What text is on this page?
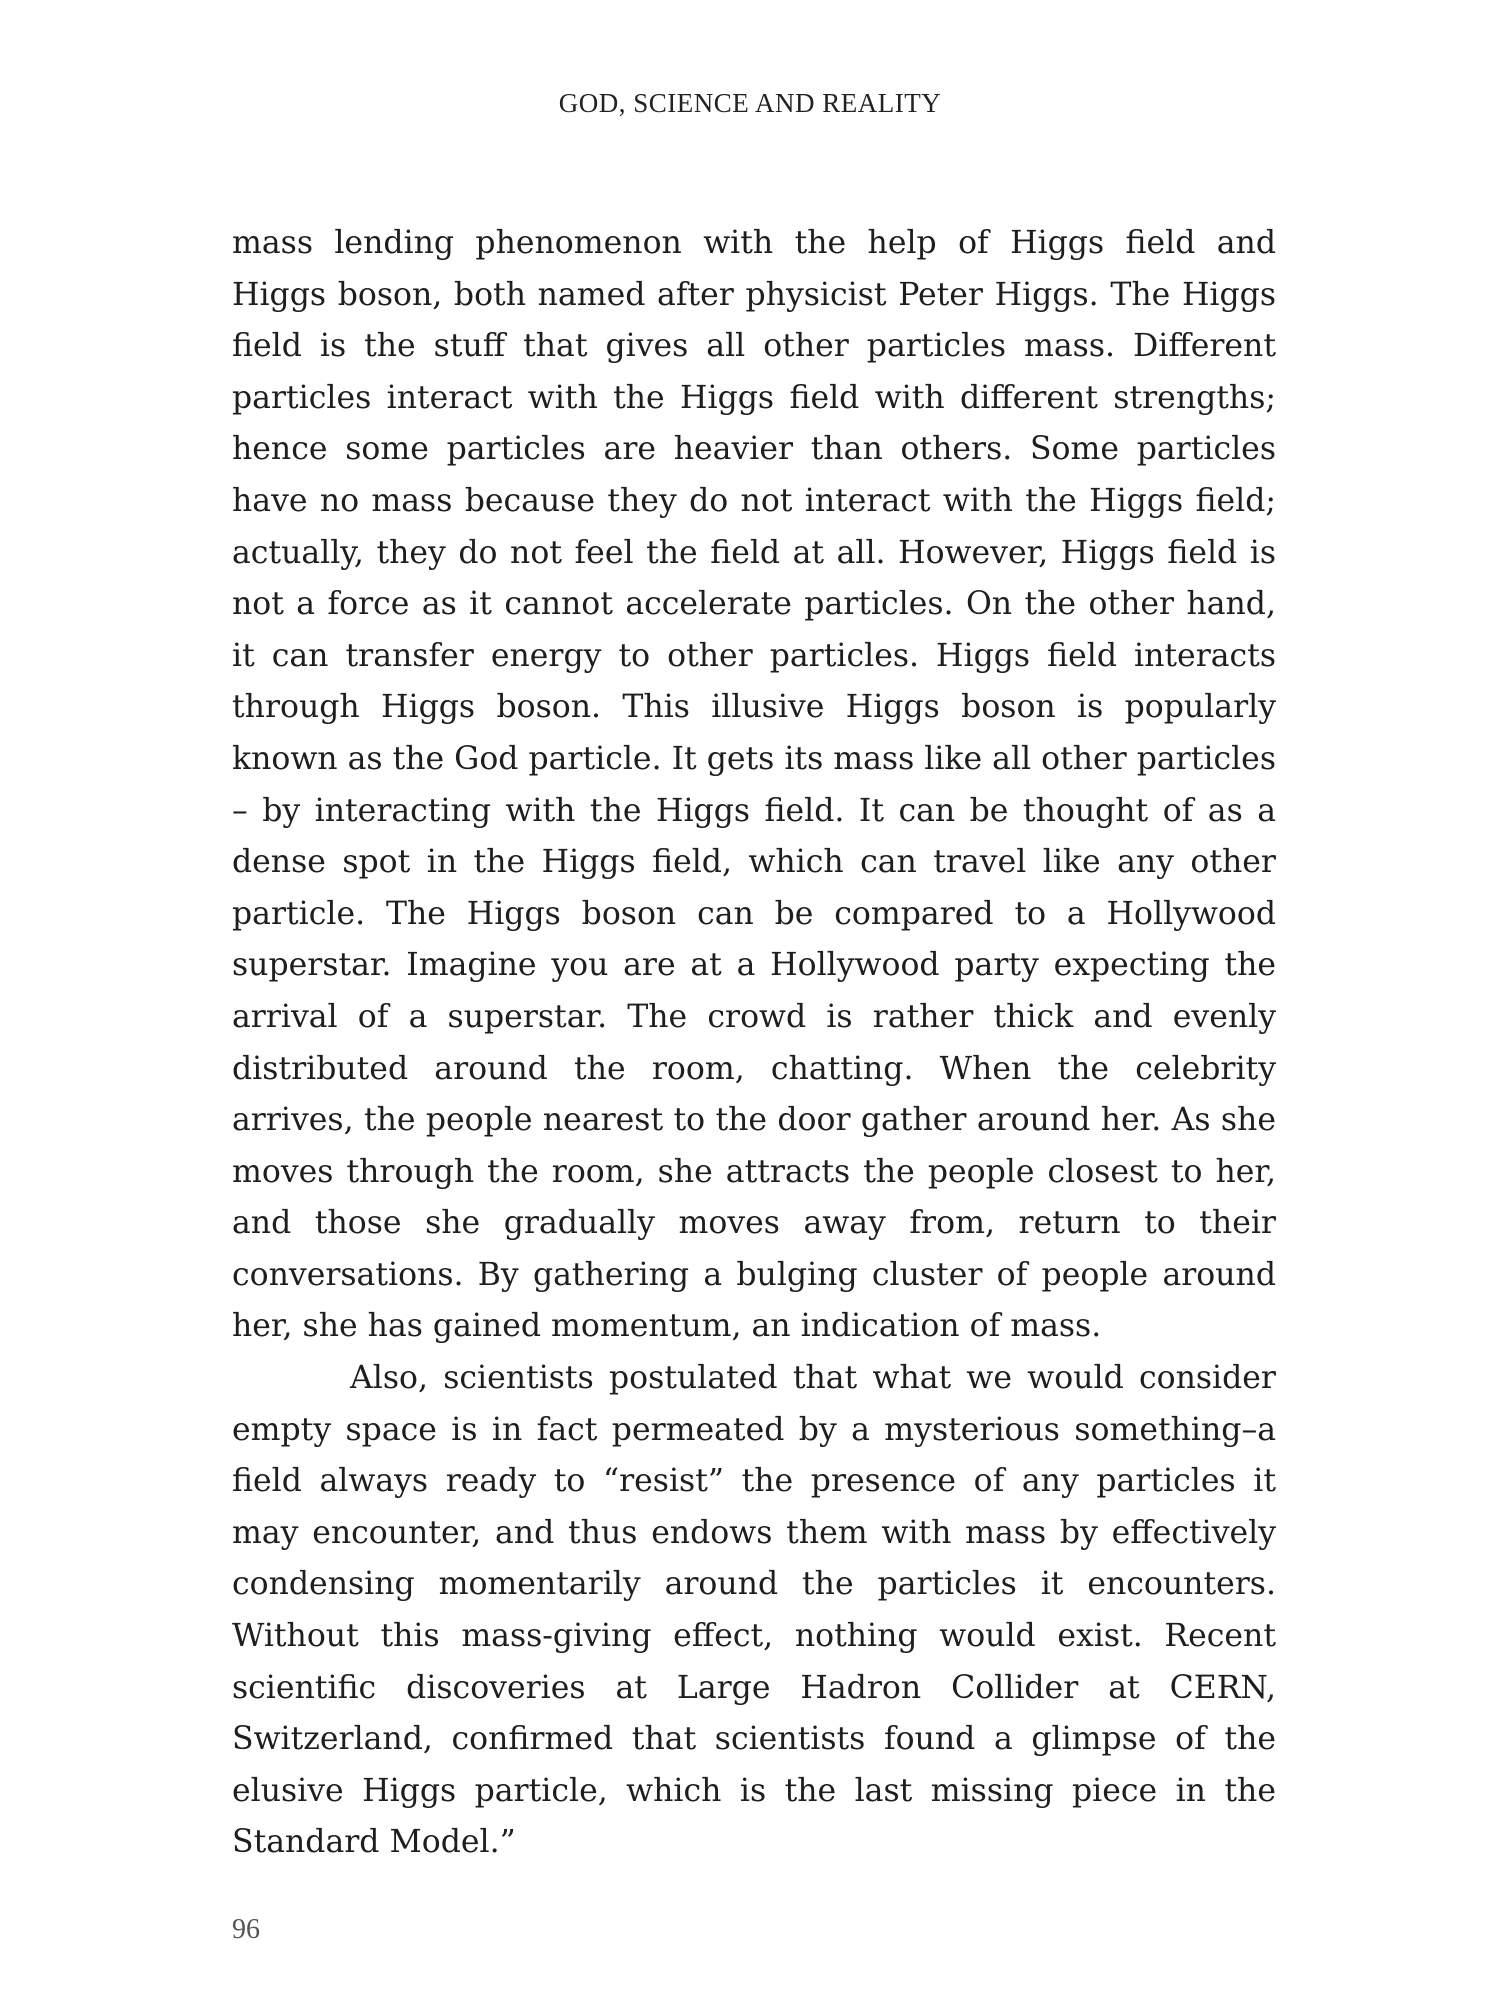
GOD, SCIENCE AND REALITY

mass lending phenomenon with the help of Higgs field and Higgs boson, both named after physicist Peter Higgs. The Higgs field is the stuff that gives all other particles mass. Different particles interact with the Higgs field with different strengths; hence some particles are heavier than others. Some particles have no mass because they do not interact with the Higgs field; actually, they do not feel the field at all. However, Higgs field is not a force as it cannot accelerate particles. On the other hand, it can transfer energy to other particles. Higgs field interacts through Higgs boson. This illusive Higgs boson is popularly known as the God particle. It gets its mass like all other particles – by interacting with the Higgs field. It can be thought of as a dense spot in the Higgs field, which can travel like any other particle. The Higgs boson can be compared to a Hollywood superstar. Imagine you are at a Hollywood party expecting the arrival of a superstar. The crowd is rather thick and evenly distributed around the room, chatting. When the celebrity arrives, the people nearest to the door gather around her. As she moves through the room, she attracts the people closest to her, and those she gradually moves away from, return to their conversations. By gathering a bulging cluster of people around her, she has gained momentum, an indication of mass.

Also, scientists postulated that what we would consider empty space is in fact permeated by a mysterious something–a field always ready to “resist” the presence of any particles it may encounter, and thus endows them with mass by effectively condensing momentarily around the particles it encounters. Without this mass-giving effect, nothing would exist. Recent scientific discoveries at Large Hadron Collider at CERN, Switzerland, confirmed that scientists found a glimpse of the elusive Higgs particle, which is the last missing piece in the Standard Model.”

96
